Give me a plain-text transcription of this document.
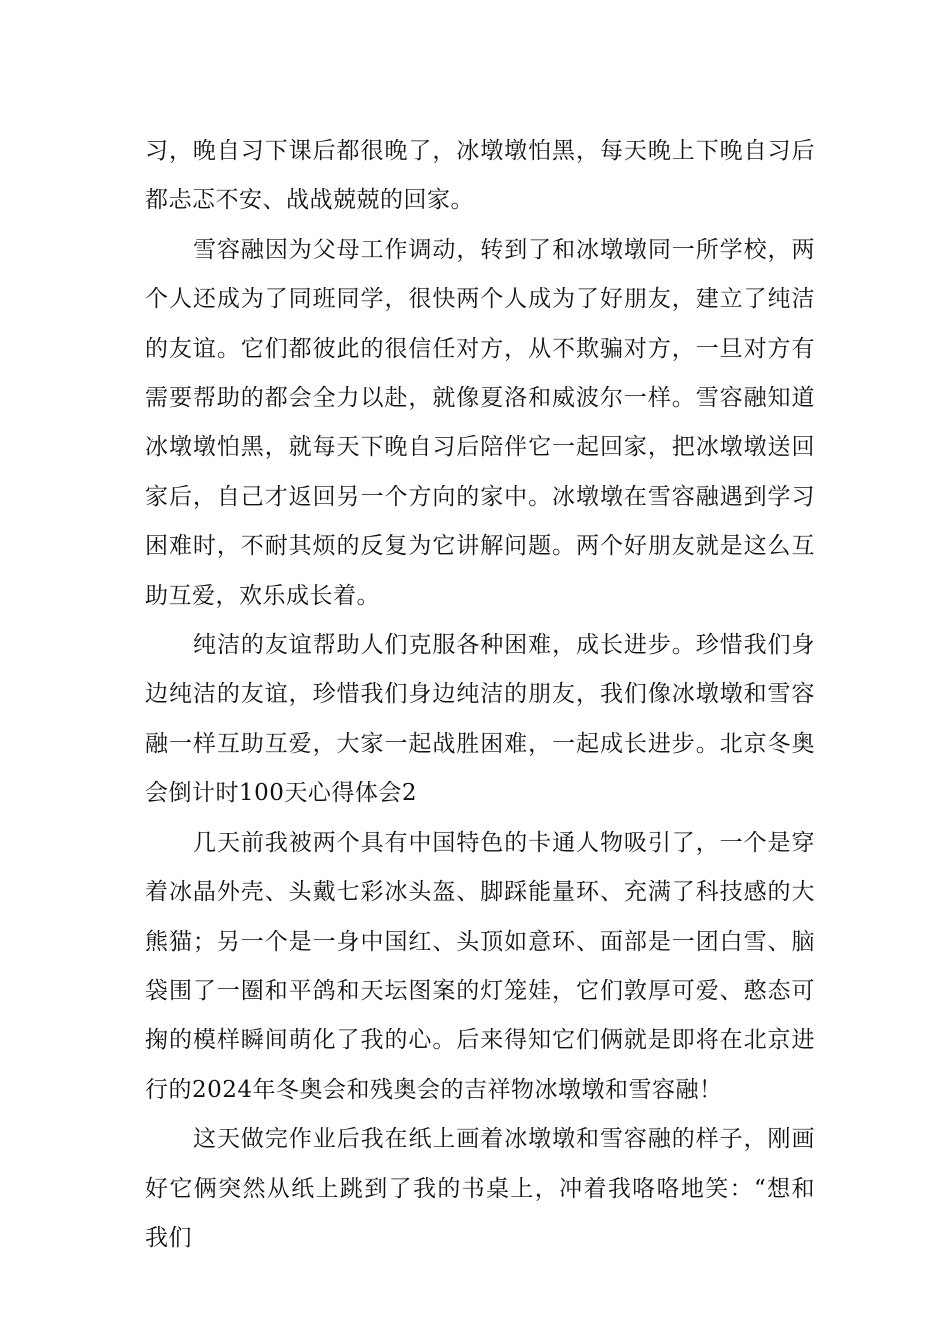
习，晚自习下课后都很晚了，冰墩墩怕黑，每天晚上下晚自习后都忐忑不安、战战兢兢的回家。

雪容融因为父母工作调动，转到了和冰墩墩同一所学校，两个人还成为了同班同学，很快两个人成为了好朋友，建立了纯洁的友谊。它们都彼此的很信任对方，从不欺骗对方，一旦对方有需要帮助的都会全力以赴，就像夏洛和威波尔一样。雪容融知道冰墩墩怕黑，就每天下晚自习后陪伴它一起回家，把冰墩墩送回家后，自己才返回另一个方向的家中。冰墩墩在雪容融遇到学习困难时，不耐其烦的反复为它讲解问题。两个好朋友就是这么互助互爱，欢乐成长着。

纯洁的友谊帮助人们克服各种困难，成长进步。珍惜我们身边纯洁的友谊，珍惜我们身边纯洁的朋友，我们像冰墩墩和雪容融一样互助互爱，大家一起战胜困难，一起成长进步。北京冬奥会倒计时100天心得体会2

几天前我被两个具有中国特色的卡通人物吸引了，一个是穿着冰晶外壳、头戴七彩冰头盔、脚踩能量环、充满了科技感的大熊猫；另一个是一身中国红、头顶如意环、面部是一团白雪、脑袋围了一圈和平鸽和天坛图案的灯笼娃，它们敦厚可爱、憨态可掬的模样瞬间萌化了我的心。后来得知它们俩就是即将在北京进行的2024年冬奥会和残奥会的吉祥物冰墩墩和雪容融！

这天做完作业后我在纸上画着冰墩墩和雪容融的样子，刚画好它俩突然从纸上跳到了我的书桌上，冲着我咯咯地笑：“想和我们
